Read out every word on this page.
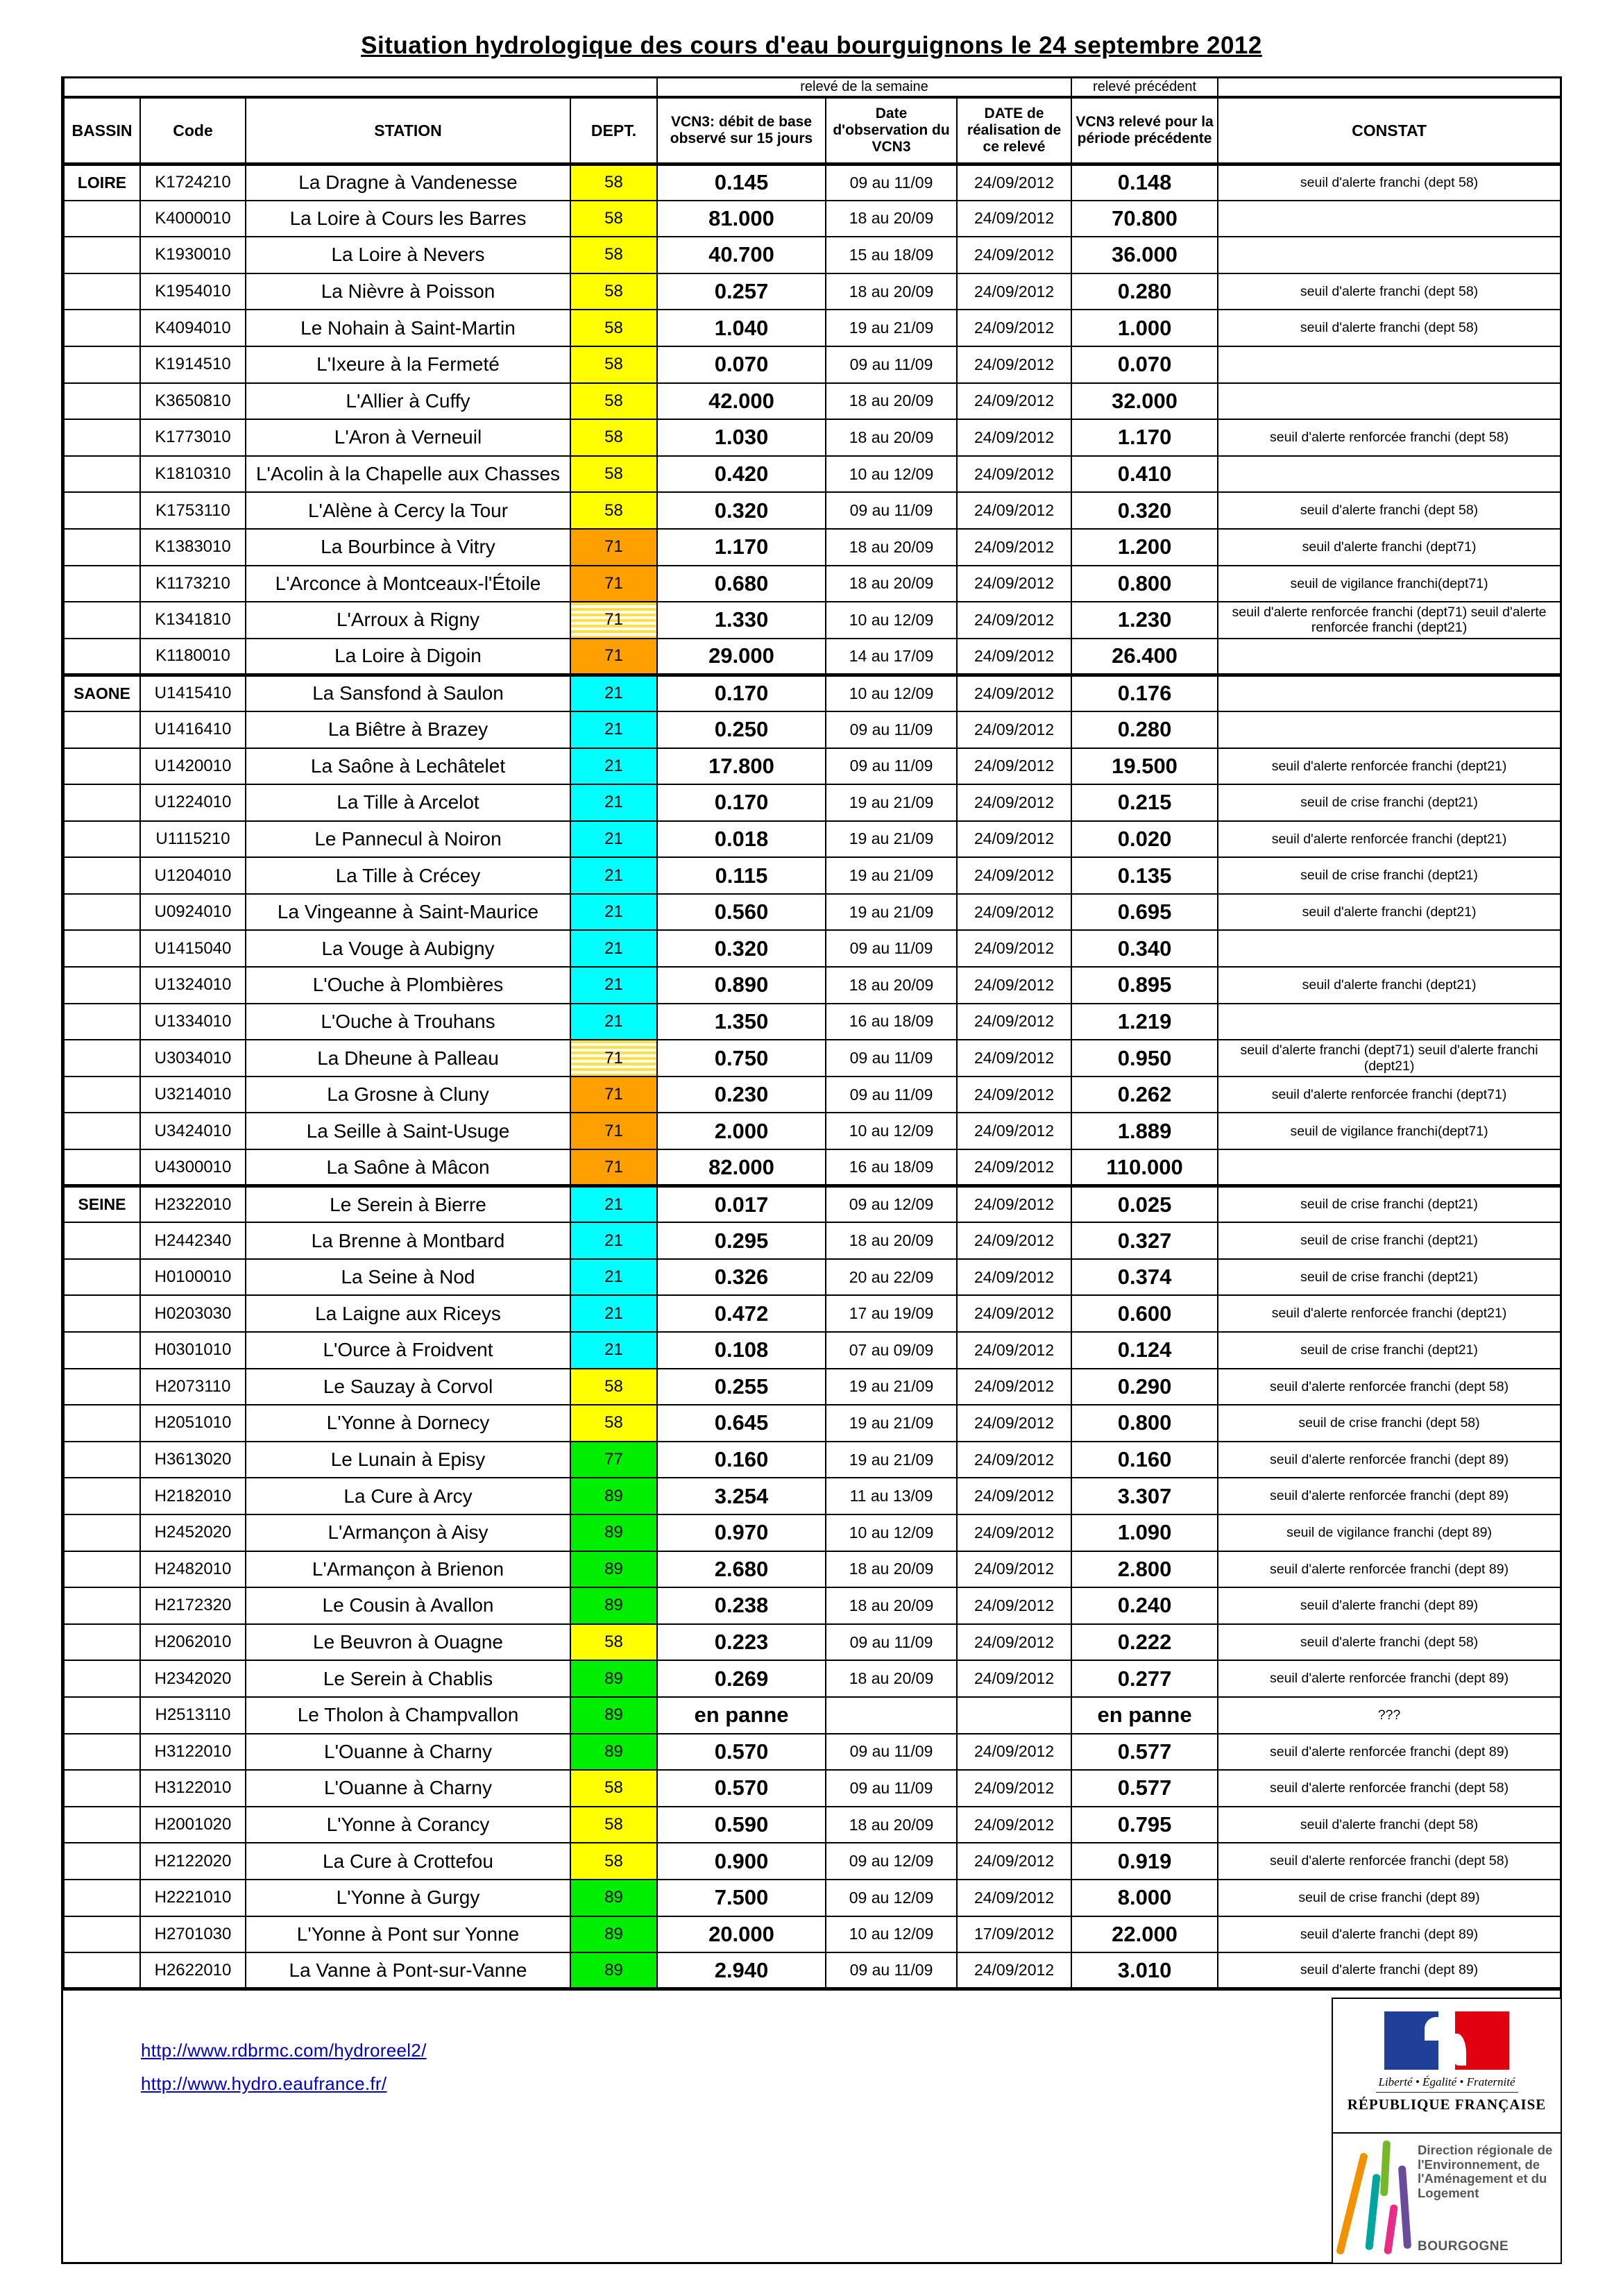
Situation hydrologique des cours d'eau bourguignons le 24 septembre 2012
				relevé de la semaine			relevé précédent	
BASSIN	Code	STATION	DEPT.	VCN3: débit de base observé sur 15 jours	Date d'observation du VCN3	DATE de réalisation de ce relevé	VCN3 relevé pour la période précédente	CONSTAT
LOIRE	K1724210	La Dragne à Vandenesse	58	0.145	09 au 11/09	24/09/2012	0.148	seuil d'alerte franchi (dept 58)
	K4000010	La Loire à Cours les Barres	58	81.000	18 au 20/09	24/09/2012	70.800	
	K1930010	La Loire à Nevers	58	40.700	15 au 18/09	24/09/2012	36.000	
	K1954010	La Nièvre à Poisson	58	0.257	18 au 20/09	24/09/2012	0.280	seuil d'alerte franchi (dept 58)
	K4094010	Le Nohain à Saint-Martin	58	1.040	19 au 21/09	24/09/2012	1.000	seuil d'alerte franchi (dept 58)
	K1914510	L'Ixeure à la Fermeté	58	0.070	09 au 11/09	24/09/2012	0.070	
	K3650810	L'Allier à Cuffy	58	42.000	18 au 20/09	24/09/2012	32.000	
	K1773010	L'Aron à Verneuil	58	1.030	18 au 20/09	24/09/2012	1.170	seuil d'alerte renforcée franchi (dept 58)
	K1810310	L'Acolin à la Chapelle aux Chasses	58	0.420	10 au 12/09	24/09/2012	0.410	
	K1753110	L'Alène à Cercy la Tour	58	0.320	09 au 11/09	24/09/2012	0.320	seuil d'alerte franchi (dept 58)
	K1383010	La Bourbince à Vitry	71	1.170	18 au 20/09	24/09/2012	1.200	seuil d'alerte franchi (dept71)
	K1173210	L'Arconce à Montceaux-l'Étoile	71	0.680	18 au 20/09	24/09/2012	0.800	seuil de vigilance franchi(dept71)
	K1341810	L'Arroux à Rigny	71	1.330	10 au 12/09	24/09/2012	1.230	seuil d'alerte renforcée franchi (dept71) seuil d'alerte renforcée franchi (dept21)
	K1180010	La Loire à Digoin	71	29.000	14 au 17/09	24/09/2012	26.400	
SAONE	U1415410	La Sansfond à Saulon	21	0.170	10 au 12/09	24/09/2012	0.176	
	U1416410	La Biêtre à Brazey	21	0.250	09 au 11/09	24/09/2012	0.280	
	U1420010	La Saône à Lechâtelet	21	17.800	09 au 11/09	24/09/2012	19.500	seuil d'alerte renforcée franchi (dept21)
	U1224010	La Tille à Arcelot	21	0.170	19 au 21/09	24/09/2012	0.215	seuil de crise franchi (dept21)
	U1115210	Le Pannecul à Noiron	21	0.018	19 au 21/09	24/09/2012	0.020	seuil d'alerte renforcée franchi (dept21)
	U1204010	La Tille à Crécey	21	0.115	19 au 21/09	24/09/2012	0.135	seuil de crise franchi (dept21)
	U0924010	La Vingeanne à Saint-Maurice	21	0.560	19 au 21/09	24/09/2012	0.695	seuil d'alerte franchi (dept21)
	U1415040	La Vouge à Aubigny	21	0.320	09 au 11/09	24/09/2012	0.340	
	U1324010	L'Ouche à Plombières	21	0.890	18 au 20/09	24/09/2012	0.895	seuil d'alerte franchi (dept21)
	U1334010	L'Ouche à Trouhans	21	1.350	16 au 18/09	24/09/2012	1.219	
	U3034010	La Dheune à Palleau	71	0.750	09 au 11/09	24/09/2012	0.950	seuil d'alerte franchi (dept71) seuil d'alerte franchi (dept21)
	U3214010	La Grosne à Cluny	71	0.230	09 au 11/09	24/09/2012	0.262	seuil d'alerte renforcée franchi (dept71)
	U3424010	La Seille à Saint-Usuge	71	2.000	10 au 12/09	24/09/2012	1.889	seuil de vigilance franchi(dept71)
	U4300010	La Saône à Mâcon	71	82.000	16 au 18/09	24/09/2012	110.000	
SEINE	H2322010	Le Serein à Bierre	21	0.017	09 au 12/09	24/09/2012	0.025	seuil de crise franchi (dept21)
	H2442340	La Brenne à Montbard	21	0.295	18 au 20/09	24/09/2012	0.327	seuil de crise franchi (dept21)
	H0100010	La Seine à Nod	21	0.326	20 au 22/09	24/09/2012	0.374	seuil de crise franchi (dept21)
	H0203030	La Laigne aux Riceys	21	0.472	17 au 19/09	24/09/2012	0.600	seuil d'alerte renforcée franchi (dept21)
	H0301010	L'Ource à Froidvent	21	0.108	07 au 09/09	24/09/2012	0.124	seuil de crise franchi (dept21)
	H2073110	Le Sauzay à Corvol	58	0.255	19 au 21/09	24/09/2012	0.290	seuil d'alerte renforcée franchi (dept 58)
	H2051010	L'Yonne à Dornecy	58	0.645	19 au 21/09	24/09/2012	0.800	seuil de crise franchi (dept 58)
	H3613020	Le Lunain à Episy	77	0.160	19 au 21/09	24/09/2012	0.160	seuil d'alerte renforcée franchi (dept 89)
	H2182010	La Cure à Arcy	89	3.254	11 au 13/09	24/09/2012	3.307	seuil d'alerte renforcée franchi (dept 89)
	H2452020	L'Armançon à Aisy	89	0.970	10 au 12/09	24/09/2012	1.090	seuil de vigilance franchi (dept 89)
	H2482010	L'Armançon à Brienon	89	2.680	18 au 20/09	24/09/2012	2.800	seuil d'alerte renforcée franchi (dept 89)
	H2172320	Le Cousin à Avallon	89	0.238	18 au 20/09	24/09/2012	0.240	seuil d'alerte franchi (dept 89)
	H2062010	Le Beuvron à Ouagne	58	0.223	09 au 11/09	24/09/2012	0.222	seuil d'alerte franchi (dept 58)
	H2342020	Le Serein à Chablis	89	0.269	18 au 20/09	24/09/2012	0.277	seuil d'alerte renforcée franchi (dept 89)
	H2513110	Le Tholon à Champvallon	89	en panne			en panne	???
	H3122010	L'Ouanne à Charny	89	0.570	09 au 11/09	24/09/2012	0.577	seuil d'alerte renforcée franchi (dept 89)
	H3122010	L'Ouanne à Charny	58	0.570	09 au 11/09	24/09/2012	0.577	seuil d'alerte renforcée franchi (dept 58)
	H2001020	L'Yonne à Corancy	58	0.590	18 au 20/09	24/09/2012	0.795	seuil d'alerte franchi (dept 58)
	H2122020	La Cure à Crottefou	58	0.900	09 au 12/09	24/09/2012	0.919	seuil d'alerte renforcée franchi (dept 58)
	H2221010	L'Yonne à Gurgy	89	7.500	09 au 12/09	24/09/2012	8.000	seuil de crise franchi (dept 89)
	H2701030	L'Yonne à Pont sur Yonne	89	20.000	10 au 12/09	17/09/2012	22.000	seuil d'alerte franchi (dept 89)
	H2622010	La Vanne à Pont-sur-Vanne	89	2.940	09 au 11/09	24/09/2012	3.010	seuil d'alerte franchi (dept 89)
http://www.rdbrmc.com/hydroreel2/
http://www.hydro.eaufrance.fr/	Liberté • Égalité • Fraternité
RÉPUBLIQUE FRANÇAISE
Direction régionale de l'Environnement, de l'Aménagement et du Logement
BOURGOGNE
